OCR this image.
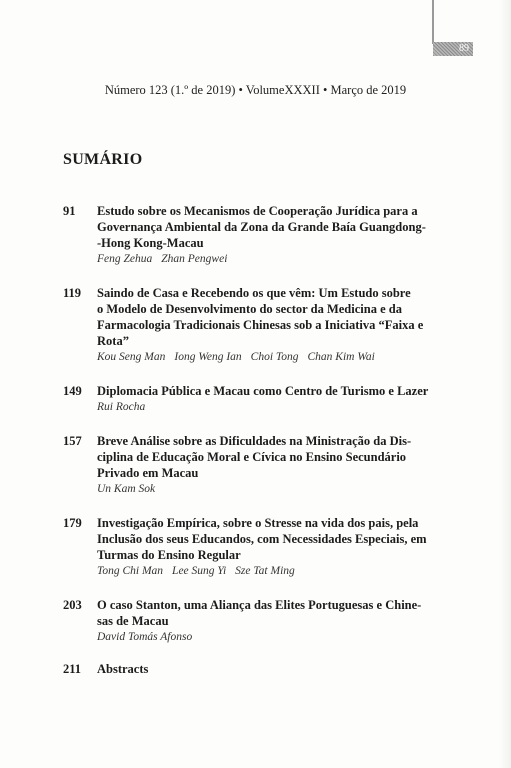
89
Número 123 (1.º de 2019) • VolumeXXXII • Março de 2019
SUMÁRIO
91	Estudo sobre os Mecanismos de Cooperação Jurídica para a
Governança Ambiental da Zona da Grande Baía Guangdong-
-Hong Kong-Macau
Feng Zehua Zhan Pengwei
119	Saindo de Casa e Recebendo os que vêm: Um Estudo sobre
o Modelo de Desenvolvimento do sector da Medicina e da
Farmacologia Tradicionais Chinesas sob a Iniciativa “Faixa e
Rota”
Kou Seng Man Iong Weng Ian Choi Tong Chan Kim Wai
149	Diplomacia Pública e Macau como Centro de Turismo e Lazer
Rui Rocha
157	Breve Análise sobre as Dificuldades na Ministração da Dis-
ciplina de Educação Moral e Cívica no Ensino Secundário
Privado em Macau
Un Kam Sok
179	Investigação Empírica, sobre o Stresse na vida dos pais, pela
Inclusão dos seus Educandos, com Necessidades Especiais, em
Turmas do Ensino Regular
Tong Chi Man Lee Sung Yi Sze Tat Ming
203	O caso Stanton, uma Aliança das Elites Portuguesas e Chine-
sas de Macau
David Tomás Afonso
211	Abstracts
